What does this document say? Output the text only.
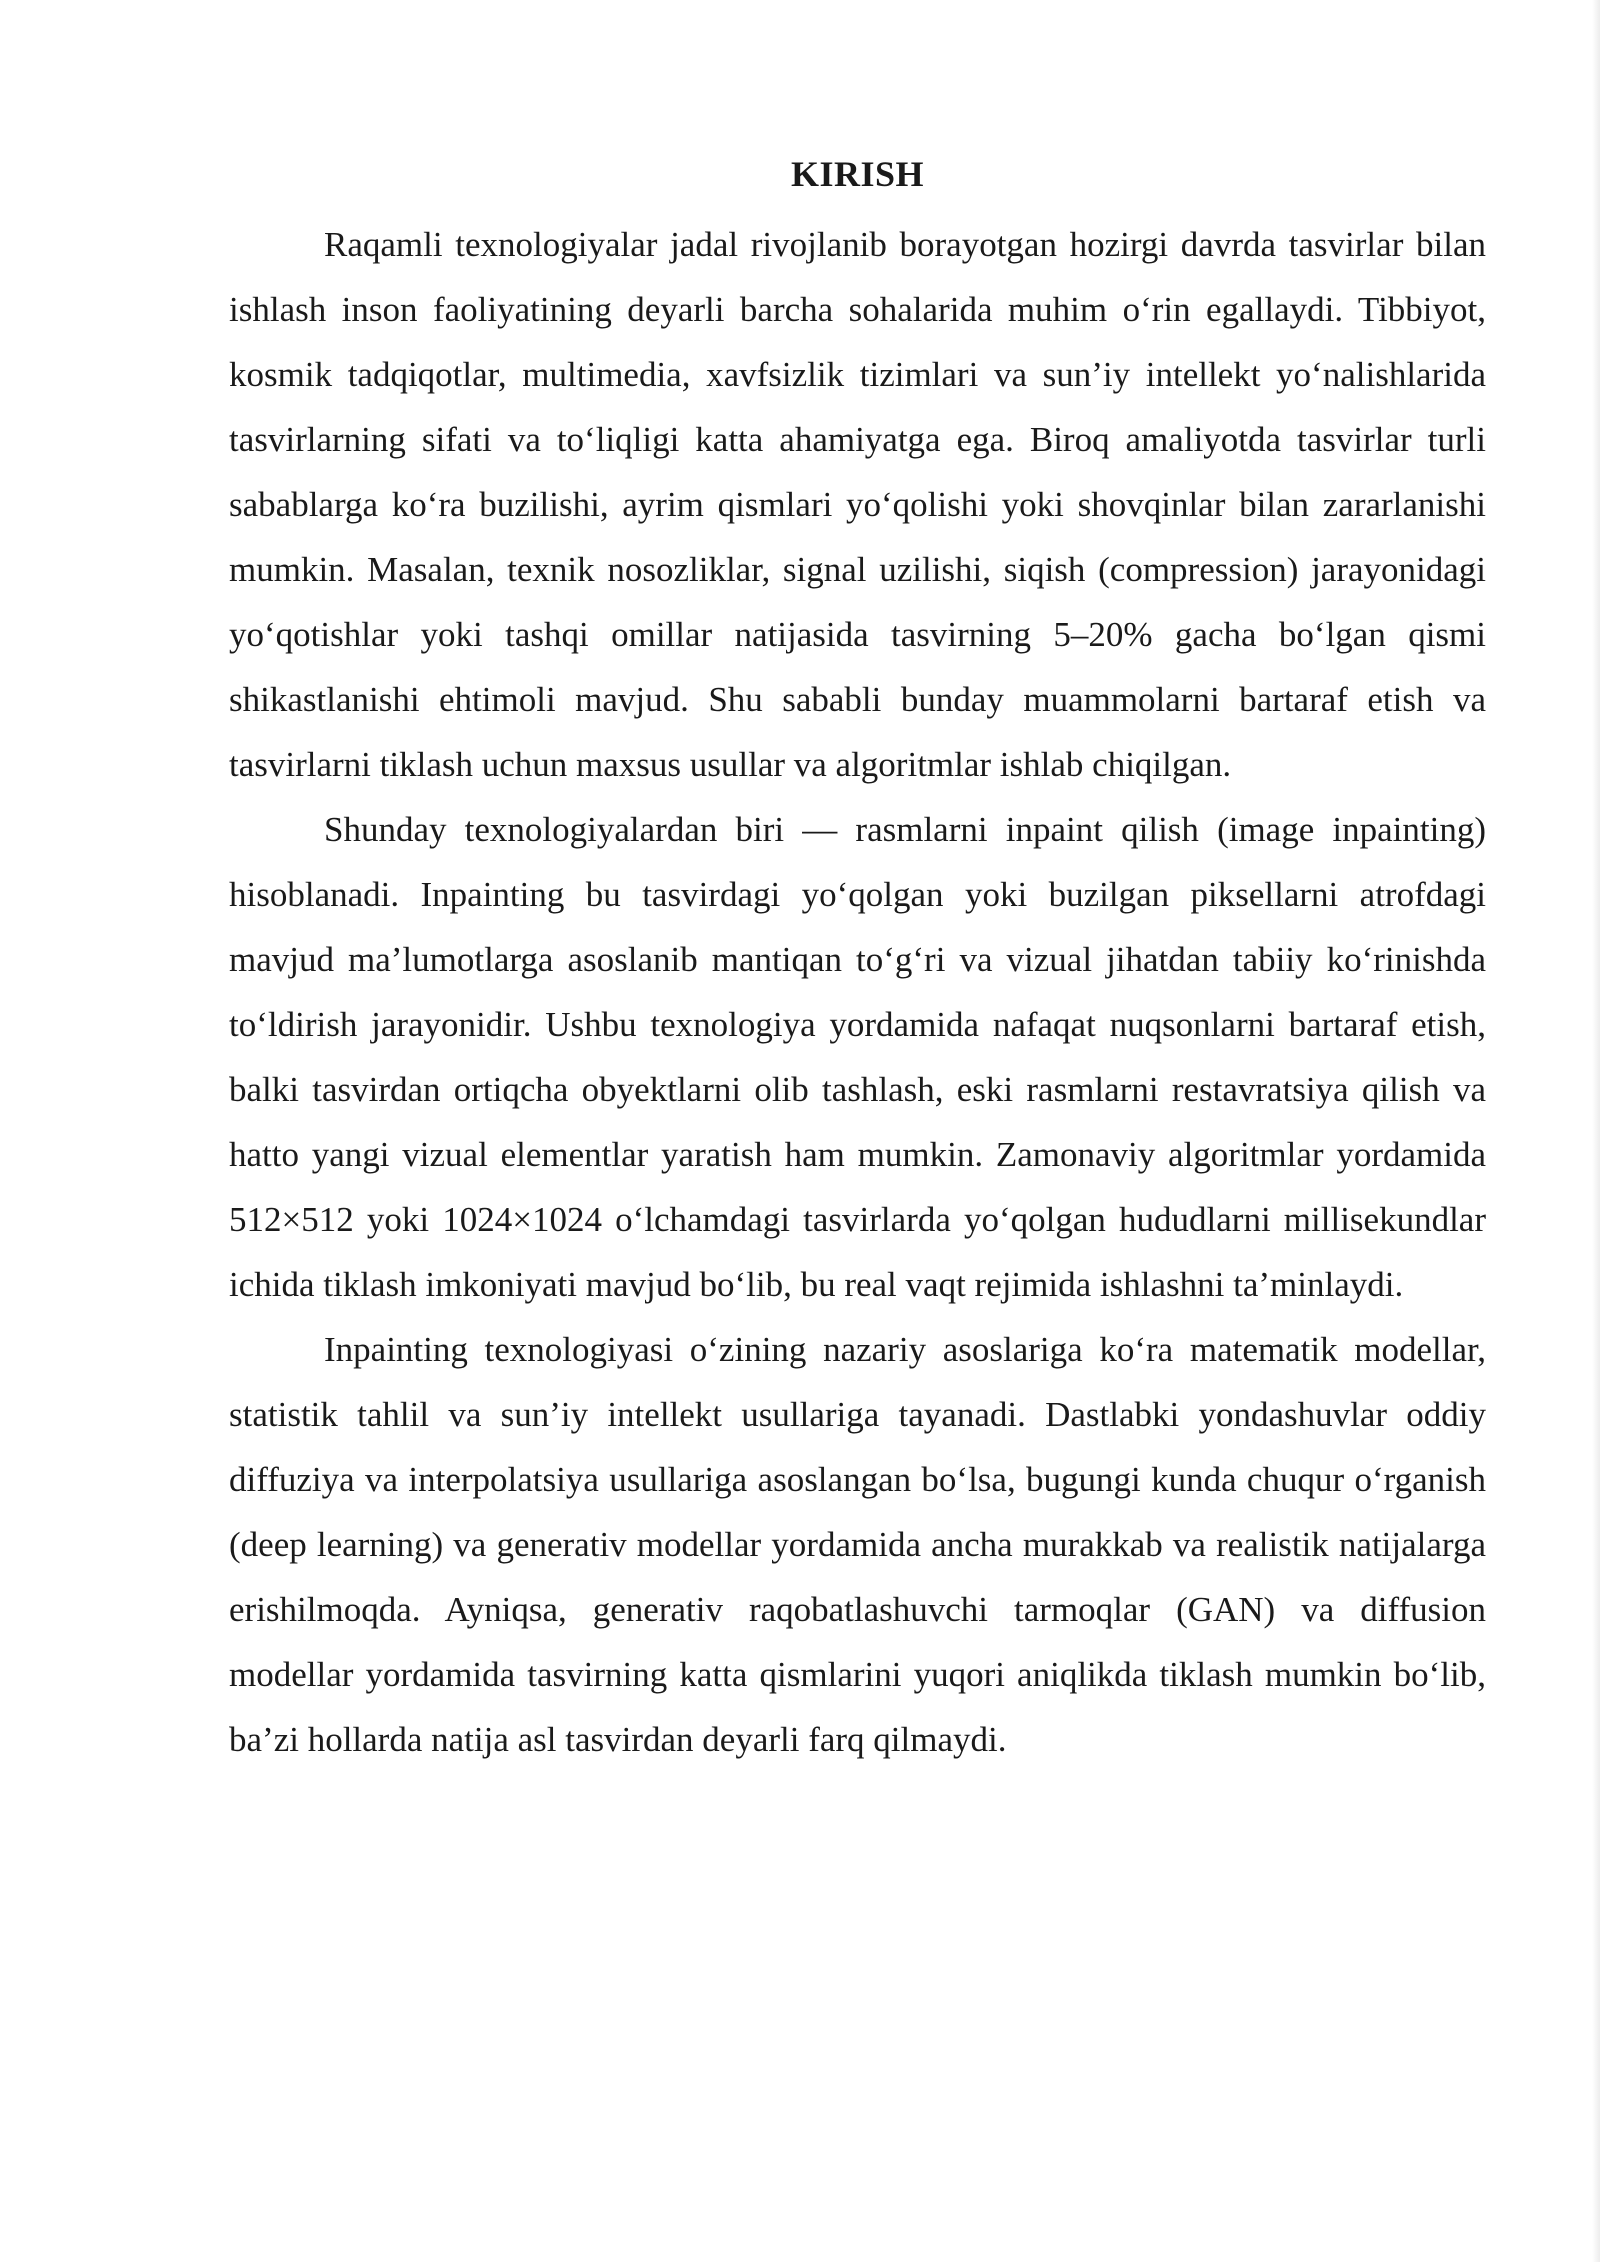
KIRISH

Raqamli texnologiyalar jadal rivojlanib borayotgan hozirgi davrda tasvirlar bilan ishlash inson faoliyatining deyarli barcha sohalarida muhim o‘rin egallaydi. Tibbiyot, kosmik tadqiqotlar, multimedia, xavfsizlik tizimlari va sun’iy intellekt yo‘nalishlarida tasvirlarning sifati va to‘liqligi katta ahamiyatga ega. Biroq amaliyotda tasvirlar turli sabablarga ko‘ra buzilishi, ayrim qismlari yo‘qolishi yoki shovqinlar bilan zararlanishi mumkin. Masalan, texnik nosozliklar, signal uzilishi, siqish (compression) jarayonidagi yo‘qotishlar yoki tashqi omillar natijasida tasvirning 5–20% gacha bo‘lgan qismi shikastlanishi ehtimoli mavjud. Shu sababli bunday muammolarni bartaraf etish va tasvirlarni tiklash uchun maxsus usullar va algoritmlar ishlab chiqilgan.

Shunday texnologiyalardan biri — rasmlarni inpaint qilish (image inpainting) hisoblanadi. Inpainting bu tasvirdagi yo‘qolgan yoki buzilgan piksellarni atrofdagi mavjud ma’lumotlarga asoslanib mantiqan to‘g‘ri va vizual jihatdan tabiiy ko‘rinishda to‘ldirish jarayonidir. Ushbu texnologiya yordamida nafaqat nuqsonlarni bartaraf etish, balki tasvirdan ortiqcha obyektlarni olib tashlash, eski rasmlarni restavratsiya qilish va hatto yangi vizual elementlar yaratish ham mumkin. Zamonaviy algoritmlar yordamida 512×512 yoki 1024×1024 o‘lchamdagi tasvirlarda yo‘qolgan hududlarni millisekundlar ichida tiklash imkoniyati mavjud bo‘lib, bu real vaqt rejimida ishlashni ta’minlaydi.

Inpainting texnologiyasi o‘zining nazariy asoslariga ko‘ra matematik modellar, statistik tahlil va sun’iy intellekt usullariga tayanadi. Dastlabki yondashuvlar oddiy diffuziya va interpolatsiya usullariga asoslangan bo‘lsa, bugungi kunda chuqur o‘rganish (deep learning) va generativ modellar yordamida ancha murakkab va realistik natijalarga erishilmoqda. Ayniqsa, generativ raqobatlashuvchi tarmoqlar (GAN) va diffusion modellar yordamida tasvirning katta qismlarini yuqori aniqlikda tiklash mumkin bo‘lib, ba’zi hollarda natija asl tasvirdan deyarli farq qilmaydi.
